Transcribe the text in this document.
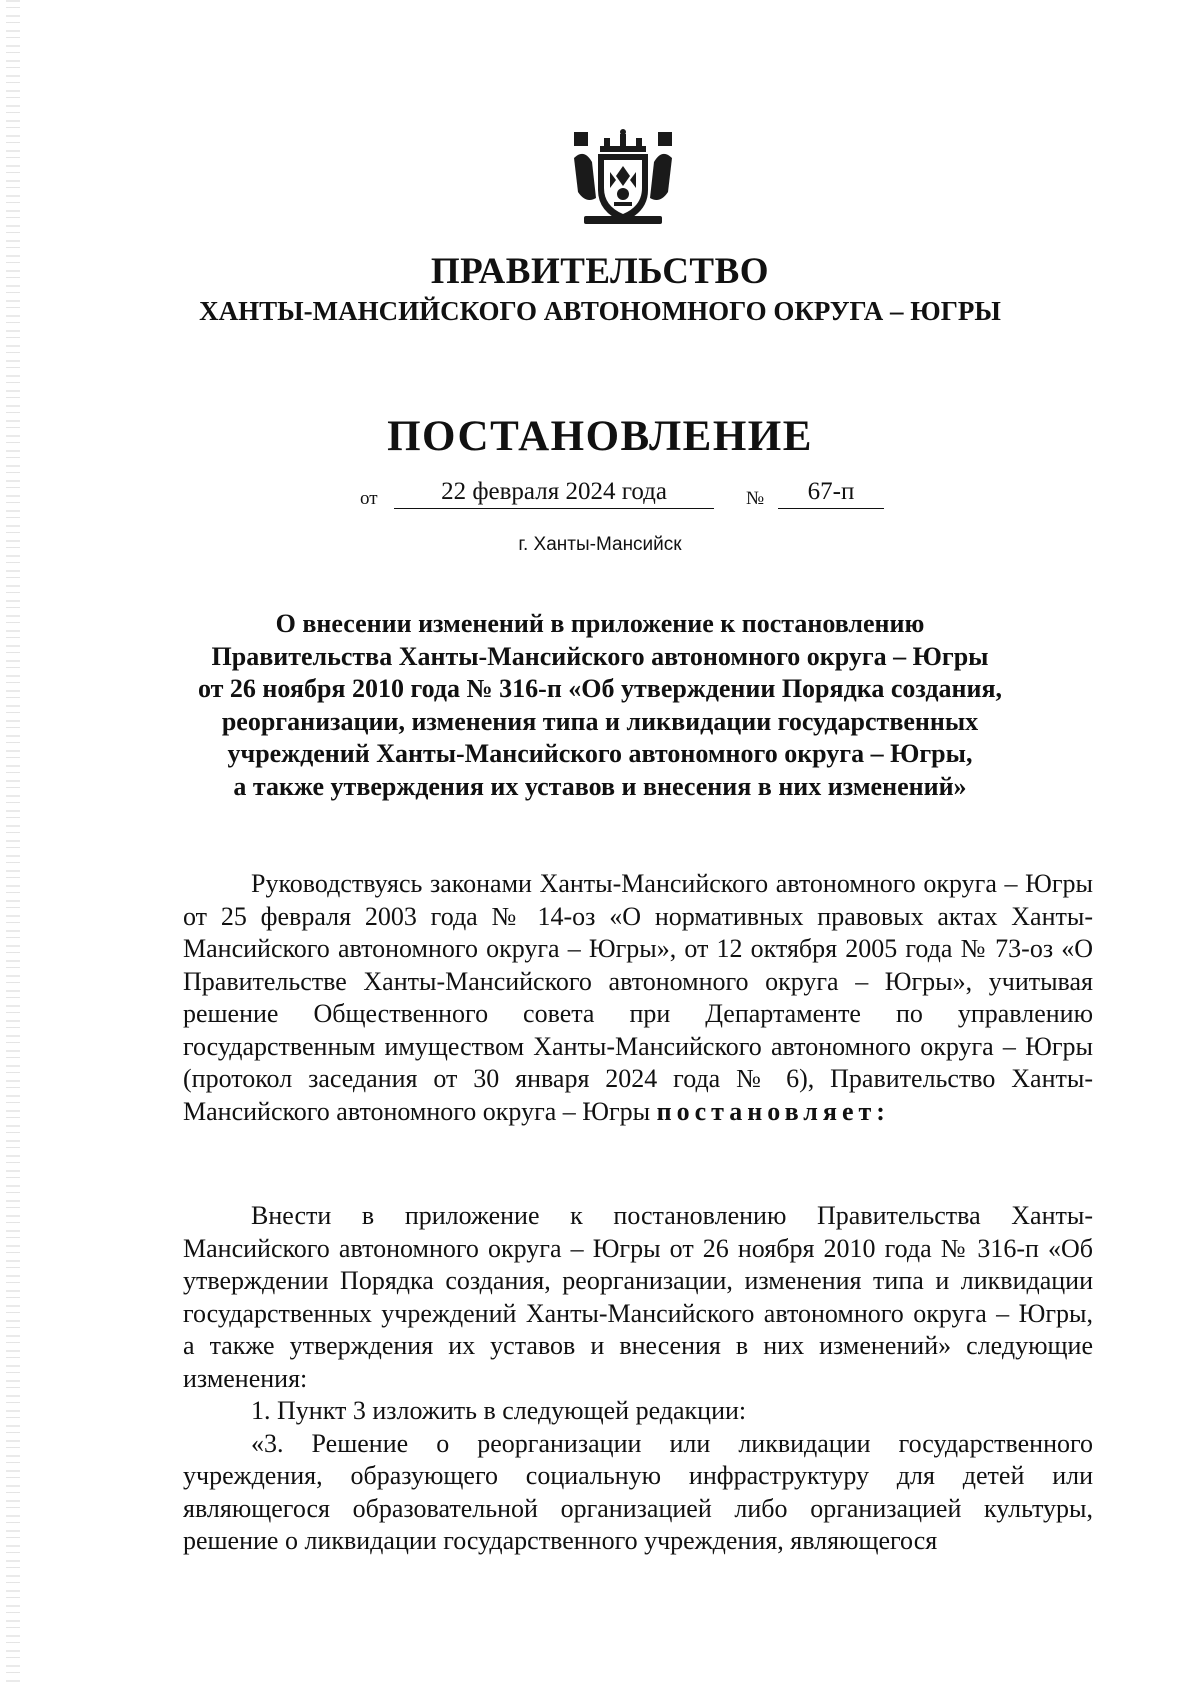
ПРАВИТЕЛЬСТВО
ХАНТЫ-МАНСИЙСКОГО АВТОНОМНОГО ОКРУГА – ЮГРЫ
ПОСТАНОВЛЕНИЕ
от	22 февраля 2024 года	№	67-п
г. Ханты-Мансийск
О внесении изменений в приложение к постановлению
Правительства Ханты-Мансийского автономного округа – Югры
от 26 ноября 2010 года № 316-п «Об утверждении Порядка создания,
реорганизации, изменения типа и ликвидации государственных
учреждений Ханты-Мансийского автономного округа – Югры,
а также утверждения их уставов и внесения в них изменений»

Руководствуясь законами Ханты-Мансийского автономного округа – Югры от 25 февраля 2003 года № 14-оз «О нормативных правовых актах Ханты-Мансийского автономного округа – Югры», от 12 октября 2005 года № 73-оз «О Правительстве Ханты-Мансийского автономного округа – Югры», учитывая решение Общественного совета при Департаменте по управлению государственным имуществом Ханты-Мансийского автономного округа – Югры (протокол заседания от 30 января 2024 года № 6), Правительство Ханты-Мансийского автономного округа – Югры постановляет:

Внести в приложение к постановлению Правительства Ханты-Мансийского автономного округа – Югры от 26 ноября 2010 года № 316-п «Об утверждении Порядка создания, реорганизации, изменения типа и ликвидации государственных учреждений Ханты-Мансийского автономного округа – Югры, а также утверждения их уставов и внесения в них изменений» следующие изменения:

1. Пункт 3 изложить в следующей редакции:

«3. Решение о реорганизации или ликвидации государственного учреждения, образующего социальную инфраструктуру для детей или являющегося образовательной организацией либо организацией культуры, решение о ликвидации государственного учреждения, являющегося
